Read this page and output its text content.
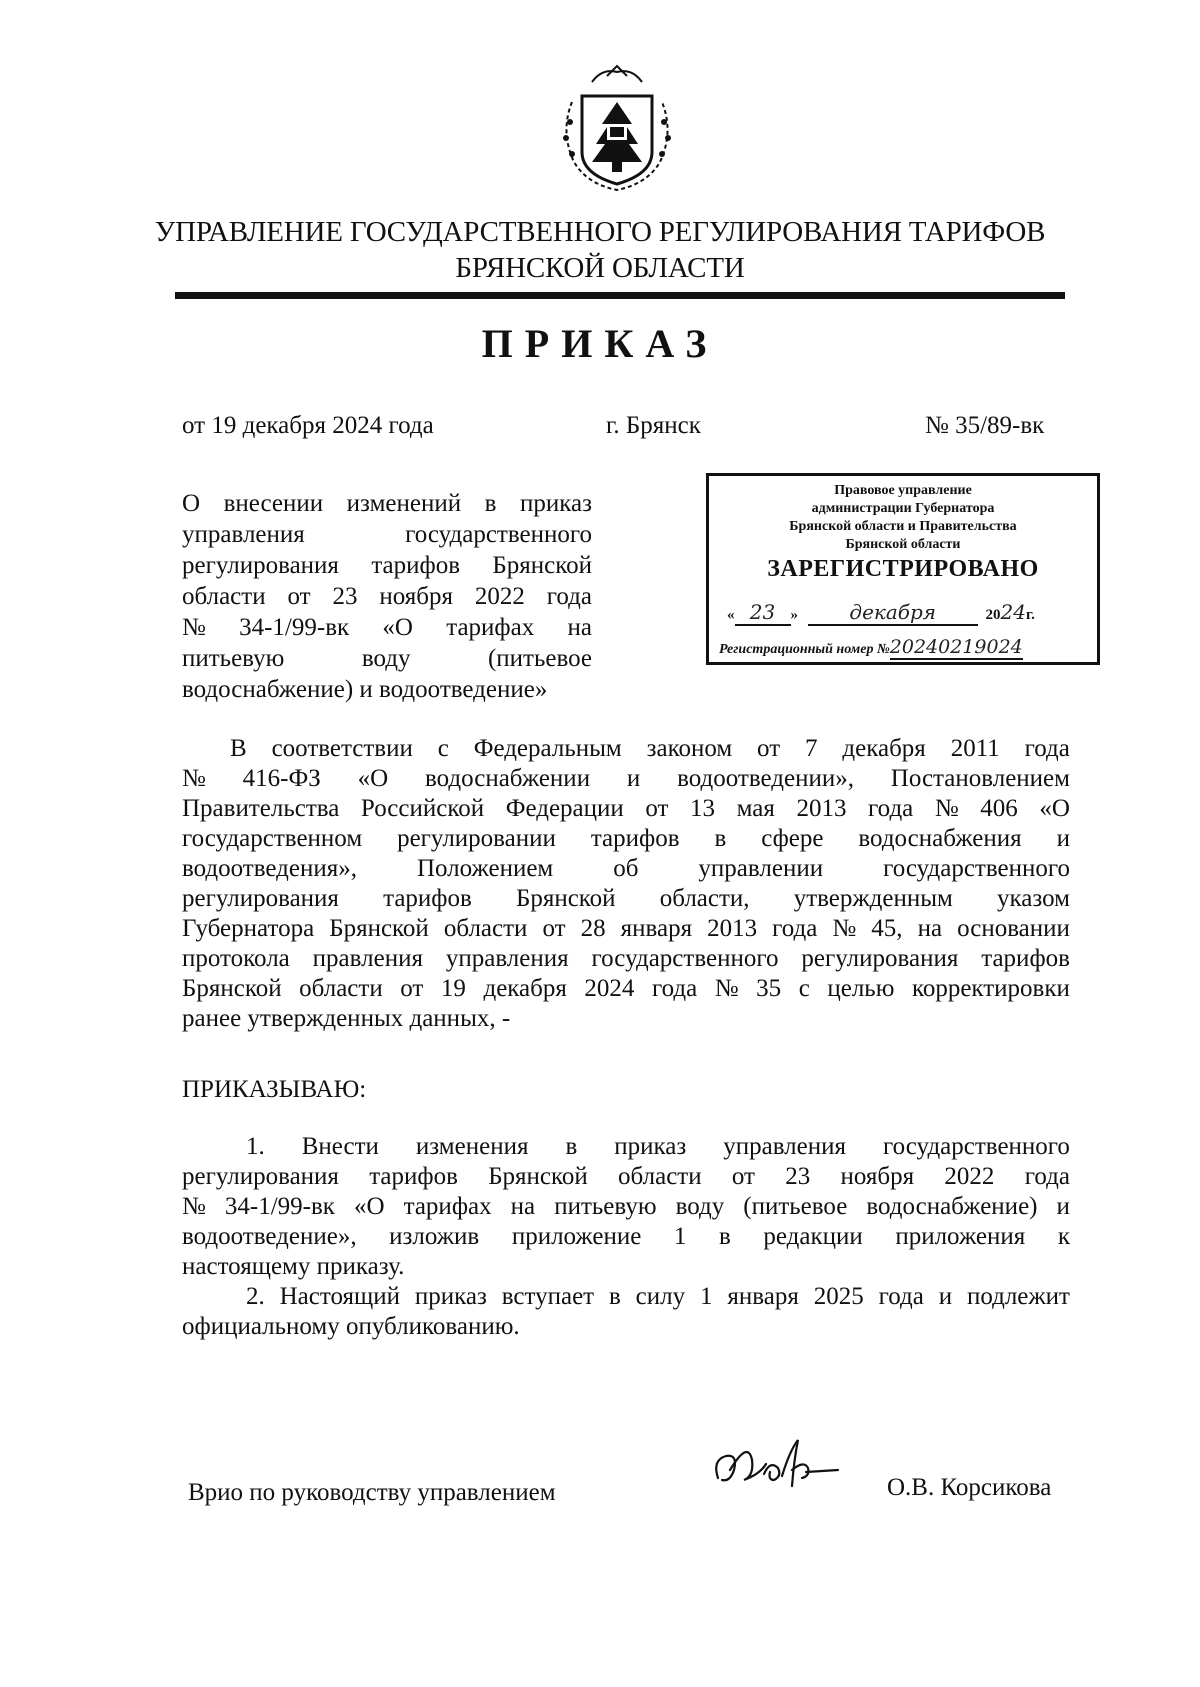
УПРАВЛЕНИЕ ГОСУДАРСТВЕННОГО РЕГУЛИРОВАНИЯ ТАРИФОВ
БРЯНСКОЙ ОБЛАСТИ
ПРИКАЗ
от 19 декабря 2024 года	г. Брянск	№ 35/89-вк
О внесении изменений в приказ
управления	государственного
регулирования тарифов Брянской
области от 23 ноября 2022 года
№ 34-1/99-вк «О тарифах на
питьевую	воду	(питьевое
водоснабжение) и водоотведение»
Правовое управление
администрации Губернатора
Брянской области и Правительства
Брянской области
ЗАРЕГИСТРИРОВАНО
« 23 »	декабря	2024г.
Регистрационный номер №20240219024
В соответствии с Федеральным законом от 7 декабря 2011 года
№ 416-ФЗ «О водоснабжении и водоотведении», Постановлением
Правительства Российской Федерации от 13 мая 2013 года № 406 «О
государственном регулировании тарифов в сфере водоснабжения и
водоотведения», Положением об управлении государственного
регулирования тарифов Брянской области, утвержденным указом
Губернатора Брянской области от 28 января 2013 года № 45, на основании
протокола правления управления государственного регулирования тарифов
Брянской области от 19 декабря 2024 года № 35 с целью корректировки
ранее утвержденных данных, -
ПРИКАЗЫВАЮ:
1. Внести изменения в приказ управления государственного
регулирования тарифов Брянской области от 23 ноября 2022 года
№ 34-1/99-вк «О тарифах на питьевую воду (питьевое водоснабжение) и
водоотведение», изложив приложение 1 в редакции приложения к
настоящему приказу.
2. Настоящий приказ вступает в силу 1 января 2025 года и подлежит
официальному опубликованию.
Врио по руководству управлением	О.В. Корсикова
